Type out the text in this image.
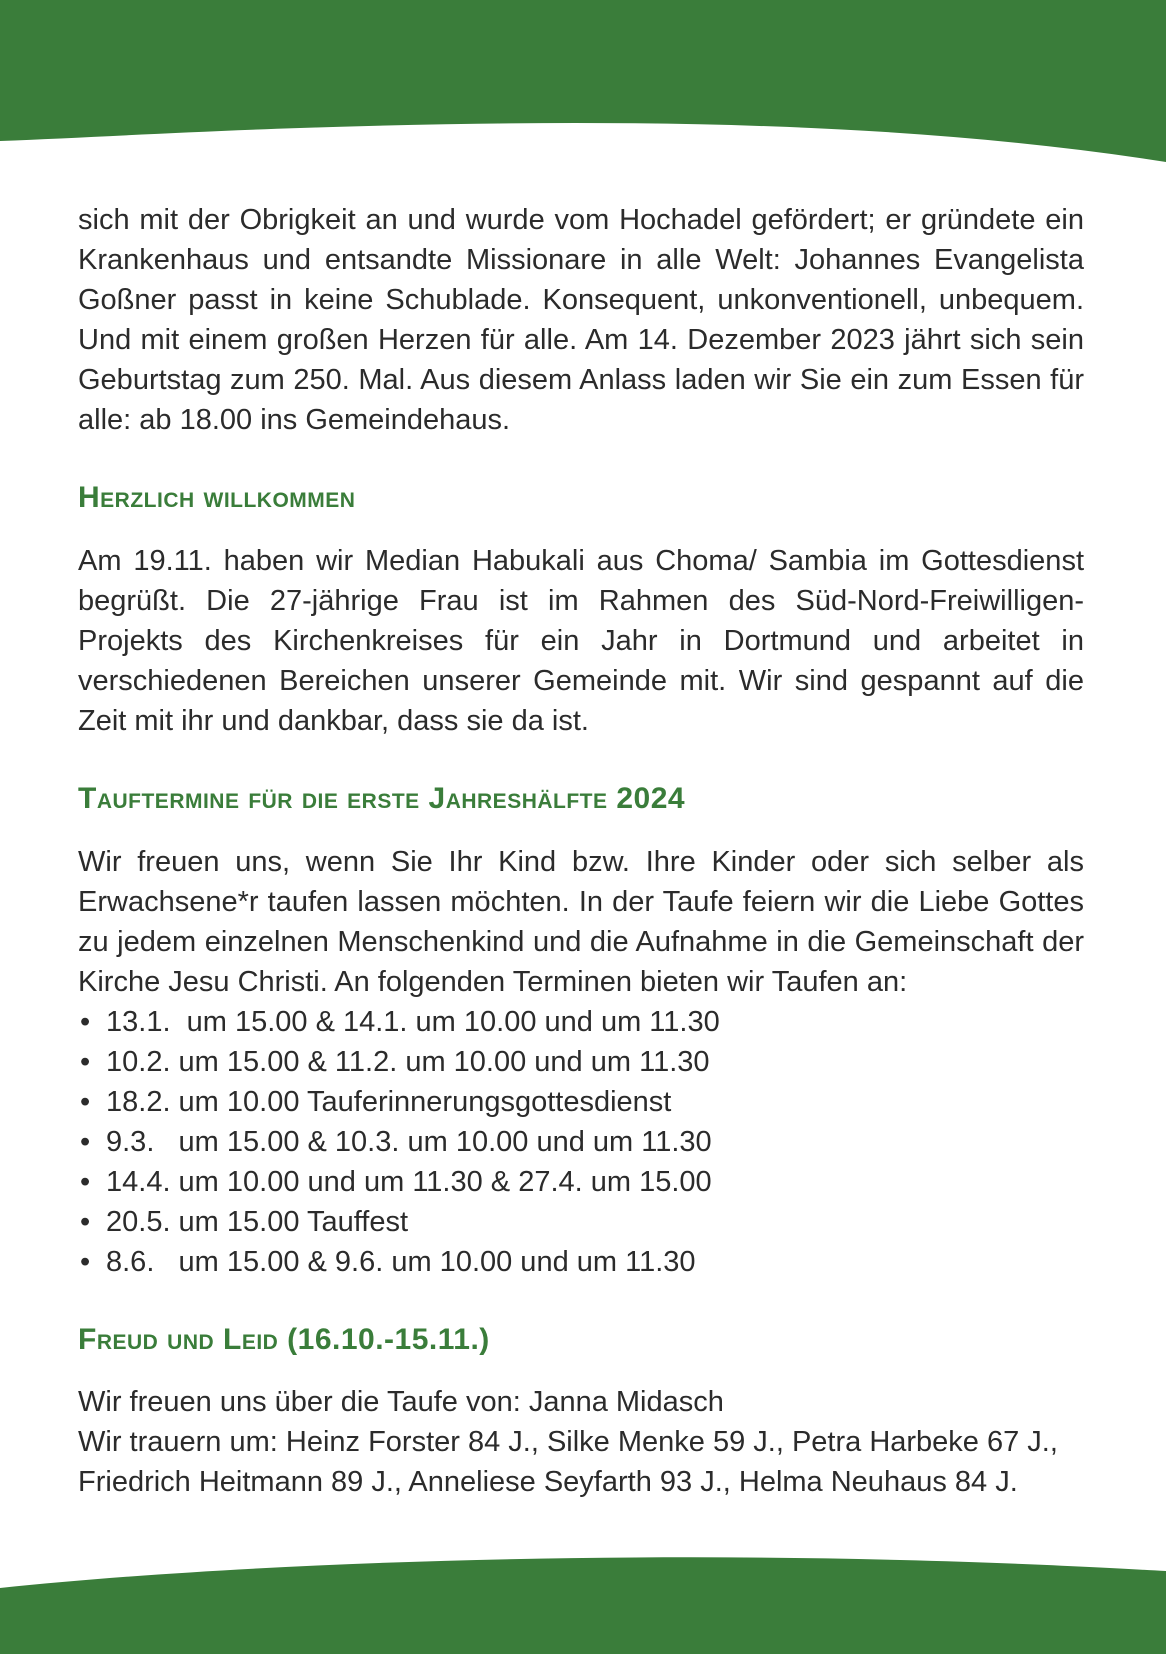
sich mit der Obrigkeit an und wurde vom Hochadel gefördert; er gründete ein Krankenhaus und entsandte Missionare in alle Welt: Johannes Evangelista Goßner passt in keine Schublade. Konsequent, unkonventionell, unbequem. Und mit einem großen Herzen für alle. Am 14. Dezember 2023 jährt sich sein Geburtstag zum 250. Mal. Aus diesem Anlass laden wir Sie ein zum Essen für alle: ab 18.00 ins Gemeindehaus.

Herzlich willkommen

Am 19.11. haben wir Median Habukali aus Choma/ Sambia im Gottesdienst begrüßt. Die 27-jährige Frau ist im Rahmen des Süd-Nord-Freiwilligen-Projekts des Kirchenkreises für ein Jahr in Dortmund und arbeitet in verschiedenen Bereichen unserer Gemeinde mit. Wir sind gespannt auf die Zeit mit ihr und dankbar, dass sie da ist.

Tauftermine für die erste Jahreshälfte 2024

Wir freuen uns, wenn Sie Ihr Kind bzw. Ihre Kinder oder sich selber als Erwachsene*r taufen lassen möchten. In der Taufe feiern wir die Liebe Gottes zu jedem einzelnen Menschenkind und die Aufnahme in die Gemeinschaft der Kirche Jesu Christi. An folgenden Terminen bieten wir Taufen an:

• 13.1.  um 15.00 & 14.1. um 10.00 und um 11.30
• 10.2. um 15.00 & 11.2. um 10.00 und um 11.30
• 18.2. um 10.00 Tauferinnerungsgottesdienst
• 9.3.   um 15.00 & 10.3. um 10.00 und um 11.30
• 14.4. um 10.00 und um 11.30 & 27.4. um 15.00
• 20.5. um 15.00 Tauffest
• 8.6.   um 15.00 & 9.6. um 10.00 und um 11.30
Freud und Leid (16.10.-15.11.)
Wir freuen uns über die Taufe von: Janna Midasch
Wir trauern um: Heinz Forster 84 J., Silke Menke 59 J., Petra Harbeke 67 J.,
Friedrich Heitmann 89 J., Anneliese Seyfarth 93 J., Helma Neuhaus 84 J.
